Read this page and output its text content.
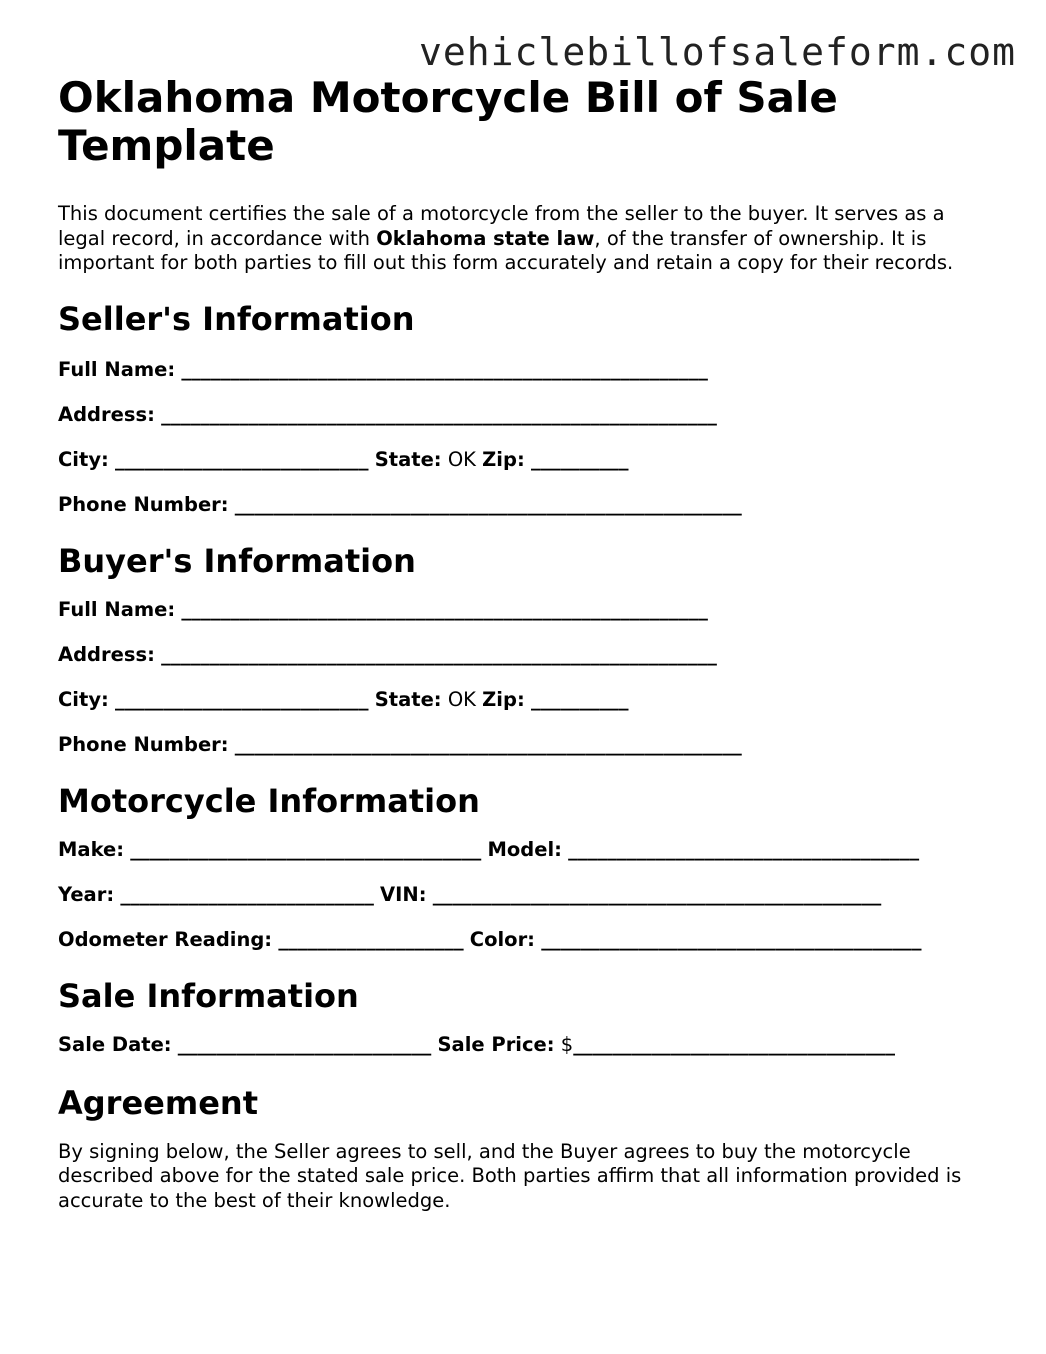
vehiclebillofsaleform.com
Oklahoma Motorcycle Bill of Sale Template

This document certifies the sale of a motorcycle from the seller to the buyer. It serves as a legal record, in accordance with Oklahoma state law, of the transfer of ownership. It is important for both parties to fill out this form accurately and retain a copy for their records.

Seller's Information
Full Name: ______________________________________________________
Address: _________________________________________________________
City: __________________________ State: OK Zip: __________
Phone Number: ____________________________________________________
Buyer's Information
Full Name: ______________________________________________________
Address: _________________________________________________________
City: __________________________ State: OK Zip: __________
Phone Number: ____________________________________________________
Motorcycle Information
Make: ____________________________________ Model: ____________________________________
Year: __________________________ VIN: ______________________________________________
Odometer Reading: ___________________ Color: _______________________________________
Sale Information
Sale Date: __________________________ Sale Price: $_________________________________
Agreement

By signing below, the Seller agrees to sell, and the Buyer agrees to buy the motorcycle described above for the stated sale price. Both parties affirm that all information provided is accurate to the best of their knowledge.
